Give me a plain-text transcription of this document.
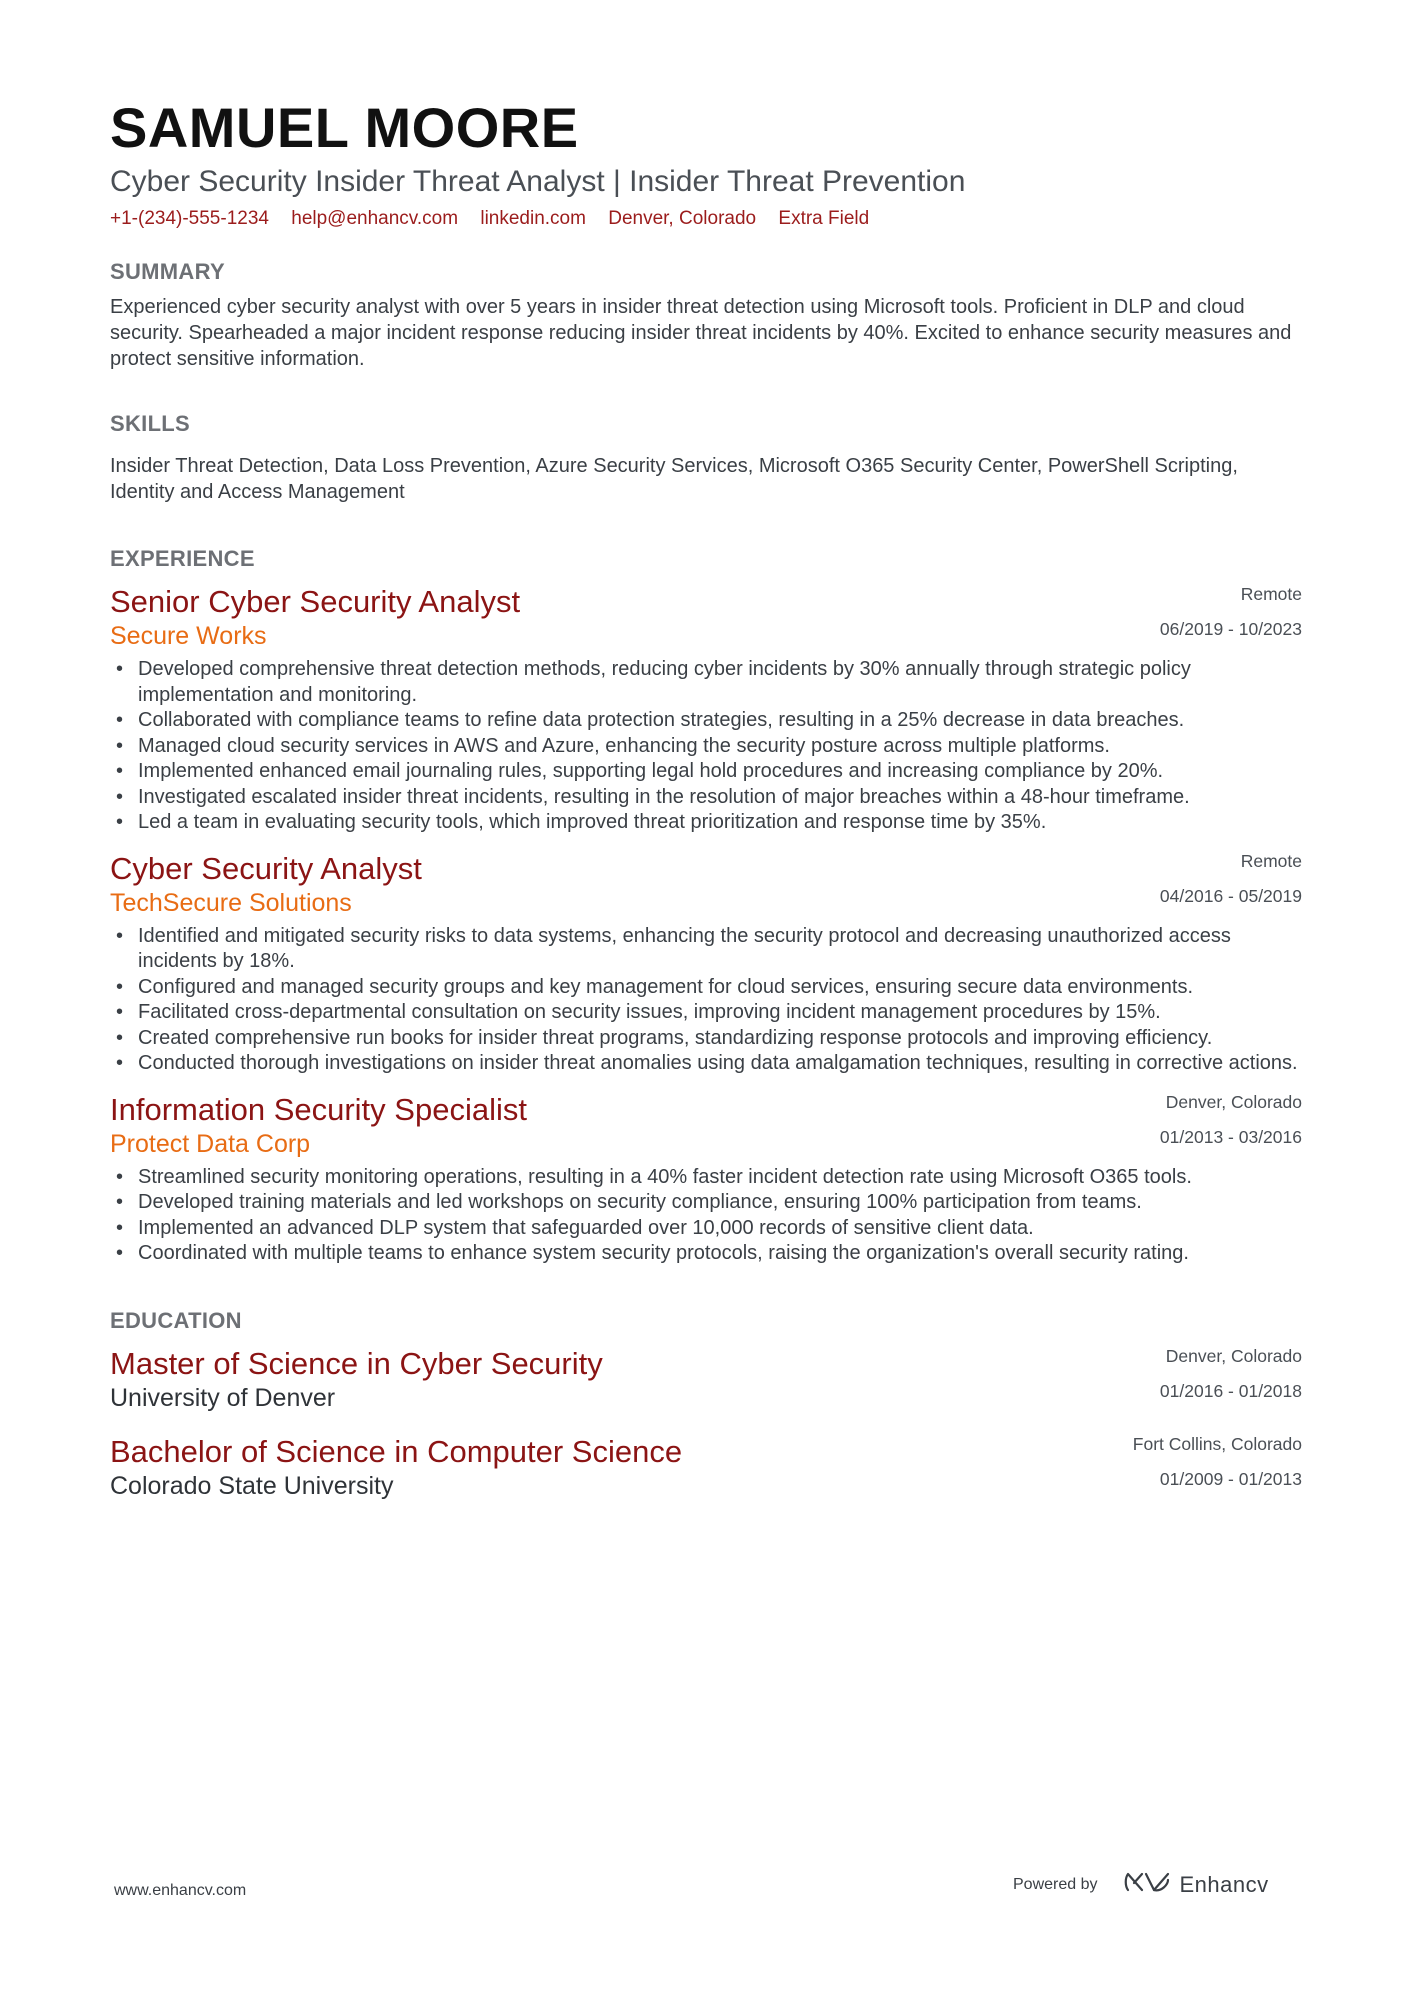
SAMUEL MOORE
Cyber Security Insider Threat Analyst | Insider Threat Prevention
+1-(234)-555-1234 help@enhancv.com linkedin.com Denver, Colorado Extra Field
SUMMARY
Experienced cyber security analyst with over 5 years in insider threat detection using Microsoft tools. Proficient in DLP and cloud security. Spearheaded a major incident response reducing insider threat incidents by 40%. Excited to enhance security measures and protect sensitive information.
SKILLS
Insider Threat Detection, Data Loss Prevention, Azure Security Services, Microsoft O365 Security Center, PowerShell Scripting, Identity and Access Management
EXPERIENCE
Senior Cyber Security Analyst
Secure Works
Remote
06/2019 - 10/2023
• Developed comprehensive threat detection methods, reducing cyber incidents by 30% annually through strategic policy implementation and monitoring.
• Collaborated with compliance teams to refine data protection strategies, resulting in a 25% decrease in data breaches.
• Managed cloud security services in AWS and Azure, enhancing the security posture across multiple platforms.
• Implemented enhanced email journaling rules, supporting legal hold procedures and increasing compliance by 20%.
• Investigated escalated insider threat incidents, resulting in the resolution of major breaches within a 48-hour timeframe.
• Led a team in evaluating security tools, which improved threat prioritization and response time by 35%.
Cyber Security Analyst
TechSecure Solutions
Remote
04/2016 - 05/2019
• Identified and mitigated security risks to data systems, enhancing the security protocol and decreasing unauthorized access incidents by 18%.
• Configured and managed security groups and key management for cloud services, ensuring secure data environments.
• Facilitated cross-departmental consultation on security issues, improving incident management procedures by 15%.
• Created comprehensive run books for insider threat programs, standardizing response protocols and improving efficiency.
• Conducted thorough investigations on insider threat anomalies using data amalgamation techniques, resulting in corrective actions.
Information Security Specialist
Protect Data Corp
Denver, Colorado
01/2013 - 03/2016
• Streamlined security monitoring operations, resulting in a 40% faster incident detection rate using Microsoft O365 tools.
• Developed training materials and led workshops on security compliance, ensuring 100% participation from teams.
• Implemented an advanced DLP system that safeguarded over 10,000 records of sensitive client data.
• Coordinated with multiple teams to enhance system security protocols, raising the organization's overall security rating.
EDUCATION
Master of Science in Cyber Security
University of Denver
Denver, Colorado
01/2016 - 01/2018
Bachelor of Science in Computer Science
Colorado State University
Fort Collins, Colorado
01/2009 - 01/2013
www.enhancv.com	Powered by	Enhancv
